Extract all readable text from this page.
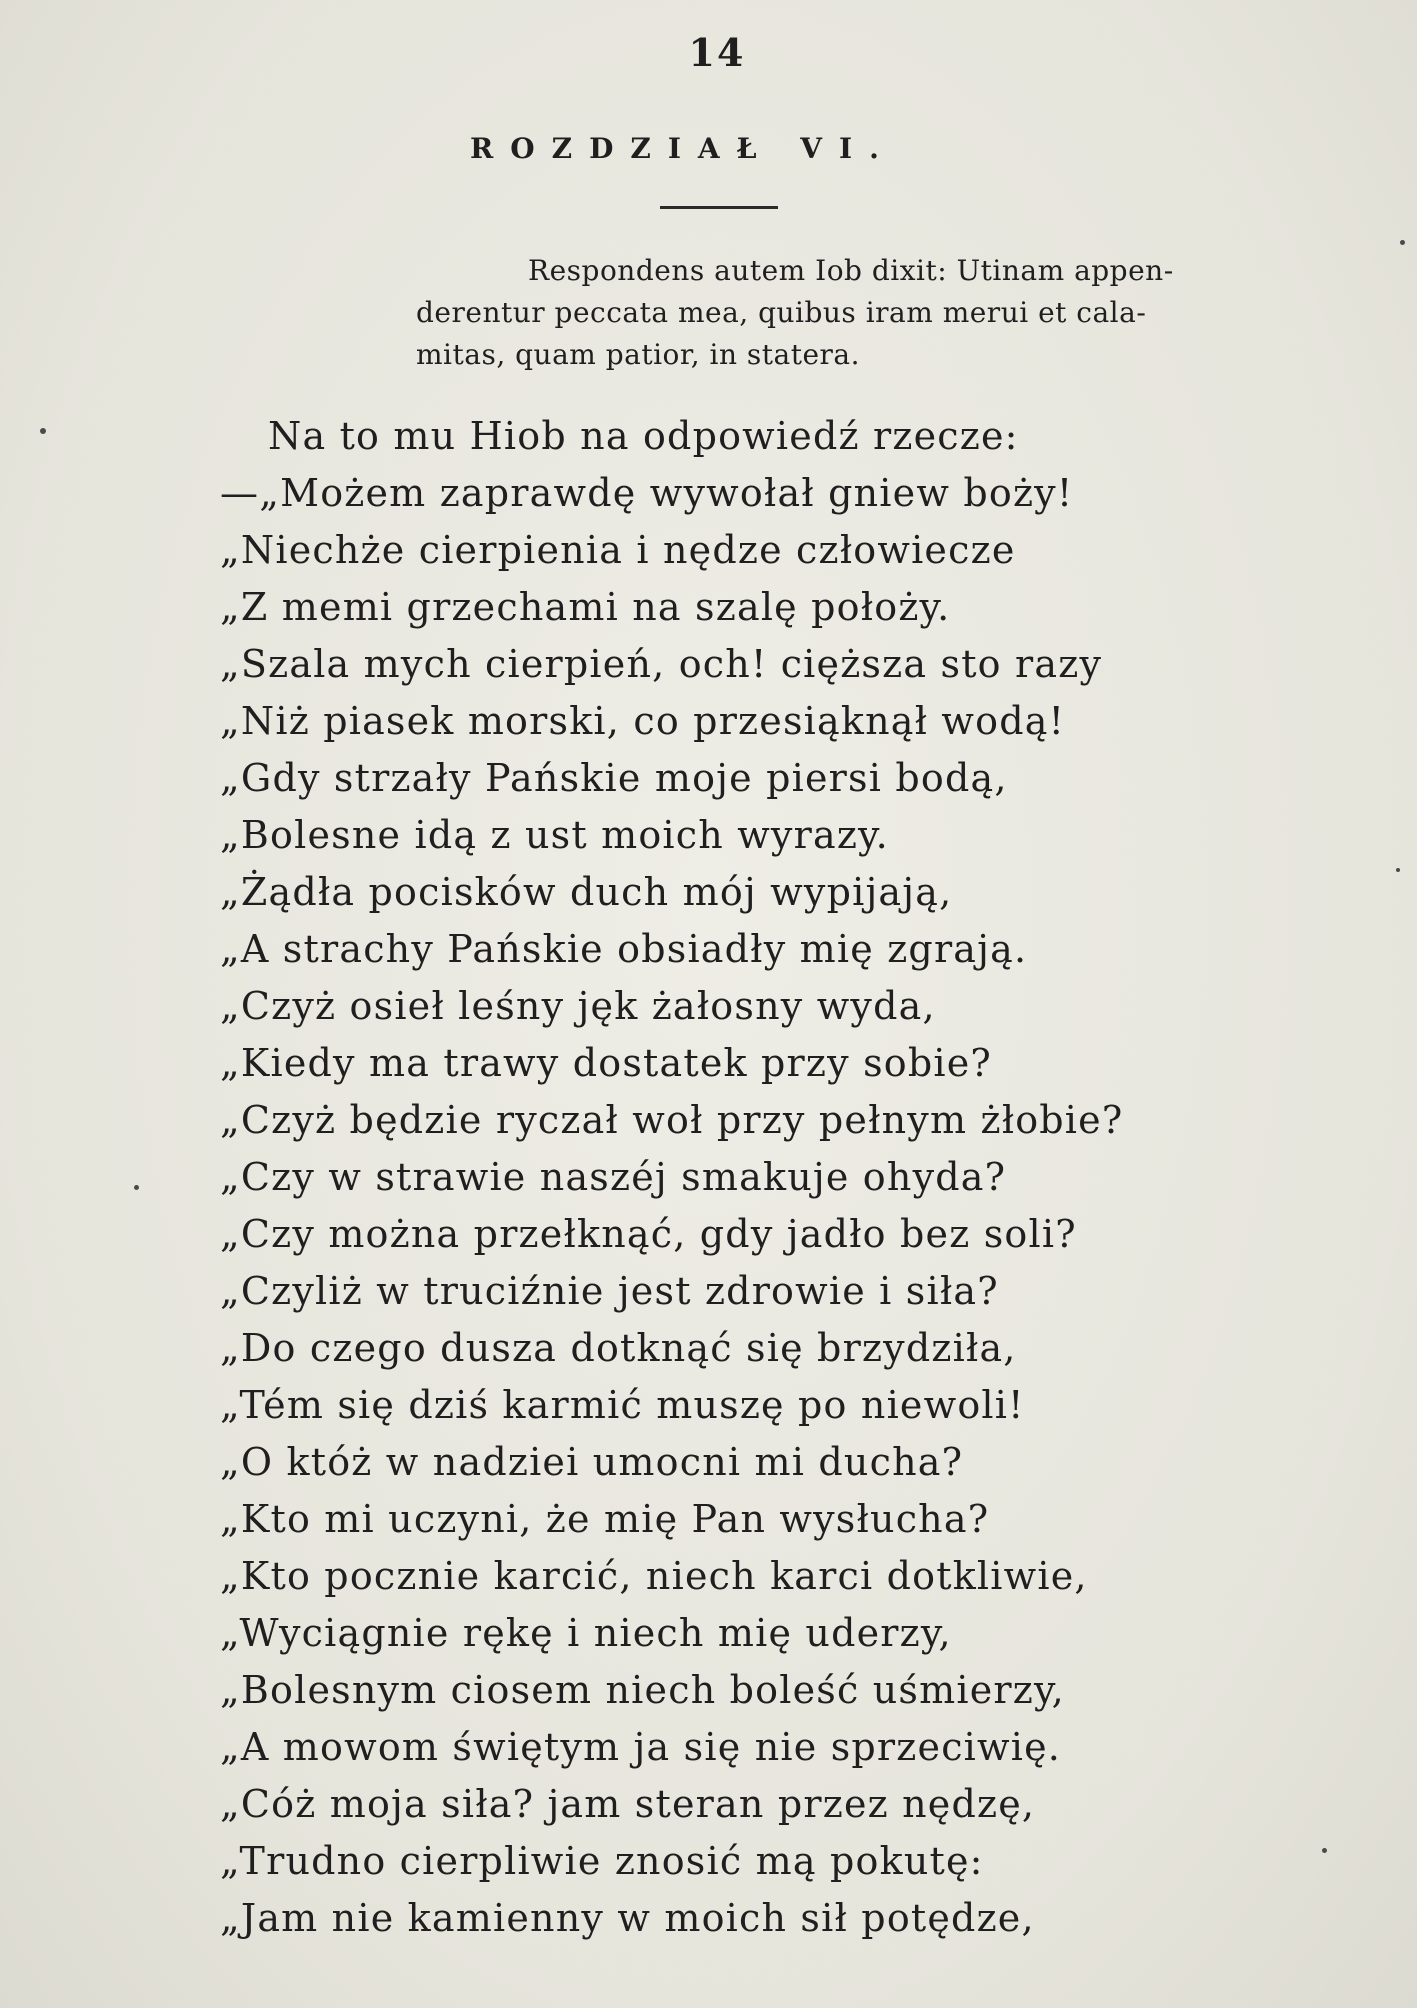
14
ROZDZIAŁ VI.
Respondens autem Iob dixit: Utinam appen-
derentur peccata mea, quibus iram merui et cala-
mitas, quam patior, in statera.
Na to mu Hiob na odpowiedź rzecze:
—„Możem zaprawdę wywołał gniew boży!
„Niechże cierpienia i nędze człowiecze
„Z memi grzechami na szalę położy.
„Szala mych cierpień, och! cięższa sto razy
„Niż piasek morski, co przesiąknął wodą!
„Gdy strzały Pańskie moje piersi bodą,
„Bolesne idą z ust moich wyrazy.
„Żądła pocisków duch mój wypijają,
„A strachy Pańskie obsiadły mię zgrają.
„Czyż osieł leśny jęk żałosny wyda,
„Kiedy ma trawy dostatek przy sobie?
„Czyż będzie ryczał woł przy pełnym żłobie?
„Czy w strawie naszéj smakuje ohyda?
„Czy można przełknąć, gdy jadło bez soli?
„Czyliż w truciźnie jest zdrowie i siła?
„Do czego dusza dotknąć się brzydziła,
„Tém się dziś karmić muszę po niewoli!
„O któż w nadziei umocni mi ducha?
„Kto mi uczyni, że mię Pan wysłucha?
„Kto pocznie karcić, niech karci dotkliwie,
„Wyciągnie rękę i niech mię uderzy,
„Bolesnym ciosem niech boleść uśmierzy,
„A mowom świętym ja się nie sprzeciwię.
„Cóż moja siła? jam steran przez nędzę,
„Trudno cierpliwie znosić mą pokutę:
„Jam nie kamienny w moich sił potędze,
